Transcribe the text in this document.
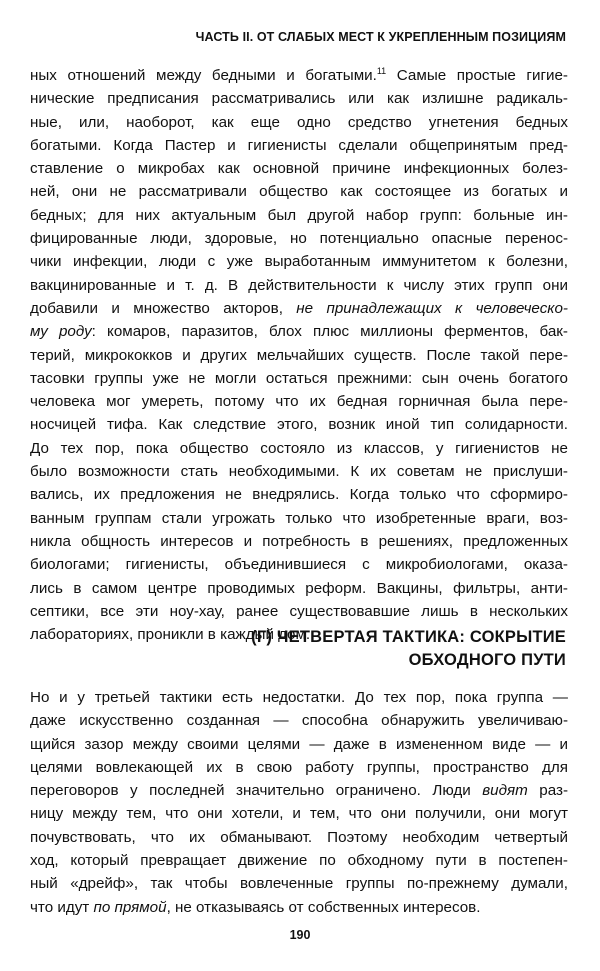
ЧАСТЬ II. ОТ СЛАБЫХ МЕСТ К УКРЕПЛЕННЫМ ПОЗИЦИЯМ
ных отношений между бедными и богатыми.$^{11}$ Самые простые гигие-
нические предписания рассматривались или как излишне радикаль-
ные, или, наоборот, как еще одно средство угнетения бедных
богатыми. Когда Пастер и гигиенисты сделали общепринятым пред-
ставление о микробах как основной причине инфекционных болез-
ней, они не рассматривали общество как состоящее из богатых и
бедных; для них актуальным был другой набор групп: больные ин-
фицированные люди, здоровые, но потенциально опасные перенос-
чики инфекции, люди с уже выработанным иммунитетом к болезни,
вакцинированные и т. д. В действительности к числу этих групп они
добавили и множество акторов, не принадлежащих к человеческо-
му роду: комаров, паразитов, блох плюс миллионы ферментов, бак-
терий, микрококков и других мельчайших существ. После такой пере-
тасовки группы уже не могли остаться прежними: сын очень богатого
человека мог умереть, потому что их бедная горничная была пере-
носчицей тифа. Как следствие этого, возник иной тип солидарности.
До тех пор, пока общество состояло из классов, у гигиенистов не
было возможности стать необходимыми. К их советам не прислуши-
вались, их предложения не внедрялись. Когда только что сформиро-
ванным группам стали угрожать только что изобретенные враги, воз-
никла общность интересов и потребность в решениях, предложенных
биологами; гигиенисты, объединившиеся с микробиологами, оказа-
лись в самом центре проводимых реформ. Вакцины, фильтры, анти-
септики, все эти ноу-хау, ранее существовавшие лишь в нескольких
лабораториях, проникли в каждый дом.
(Г) ЧЕТВЕРТАЯ ТАКТИКА: СОКРЫТИЕ
ОБХОДНОГО ПУТИ
Но и у третьей тактики есть недостатки. До тех пор, пока группа —
даже искусственно созданная — способна обнаружить увеличиваю-
щийся зазор между своими целями — даже в измененном виде — и
целями вовлекающей их в свою работу группы, пространство для
переговоров у последней значительно ограничено. Люди видят раз-
ницу между тем, что они хотели, и тем, что они получили, они могут
почувствовать, что их обманывают. Поэтому необходим четвертый
ход, который превращает движение по обходному пути в постепен-
ный «дрейф», так чтобы вовлеченные группы по-прежнему думали,
что идут по прямой, не отказываясь от собственных интересов.
190
